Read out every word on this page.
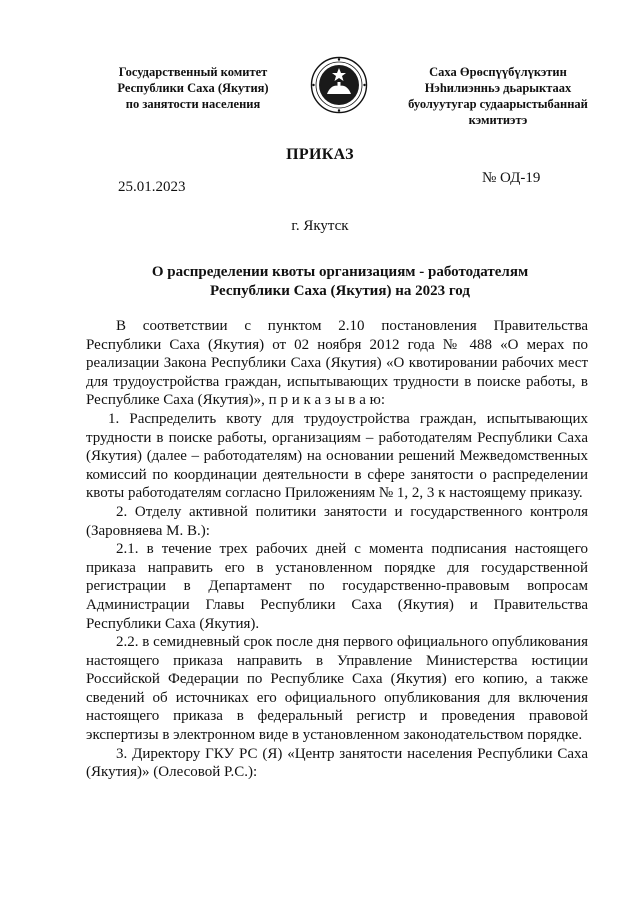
Государственный комитет
Республики Саха (Якутия)
по занятости населения
Саха Өрөспүүбүлүкэтин
Нэһилиэнньэ дьарыктаах
буолуутугар судаарыстыбаннай
кэмитиэтэ
ПРИКАЗ
25.01.2023
№ ОД-19
г. Якутск
О распределении квоты организациям - работодателям
Республики Саха (Якутия) на 2023 год

В соответствии с пунктом 2.10 постановления Правительства Республики Саха (Якутия) от 02 ноября 2012 года № 488 «О мерах по реализации Закона Республики Саха (Якутия) «О квотировании рабочих мест для трудоустройства граждан, испытывающих трудности в поиске работы, в Республике Саха (Якутия)», п р и к а з ы в а ю:

1. Распределить квоту для трудоустройства граждан, испытывающих трудности в поиске работы, организациям – работодателям Республики Саха (Якутия) (далее – работодателям) на основании решений Межведомственных комиссий по координации деятельности в сфере занятости о распределении квоты работодателям согласно Приложениям № 1, 2, 3 к настоящему приказу.

2. Отделу активной политики занятости и государственного контроля (Заровняева М. В.):

2.1. в течение трех рабочих дней с момента подписания настоящего приказа направить его в установленном порядке для государственной регистрации в Департамент по государственно-правовым вопросам Администрации Главы Республики Саха (Якутия) и Правительства Республики Саха (Якутия).

2.2. в семидневный срок после дня первого официального опубликования настоящего приказа направить в Управление Министерства юстиции Российской Федерации по Республике Саха (Якутия) его копию, а также сведений об источниках его официального опубликования для включения настоящего приказа в федеральный регистр и проведения правовой экспертизы в электронном виде в установленном законодательством порядке.

3. Директору ГКУ РС (Я) «Центр занятости населения Республики Саха (Якутия)» (Олесовой Р.С.):
